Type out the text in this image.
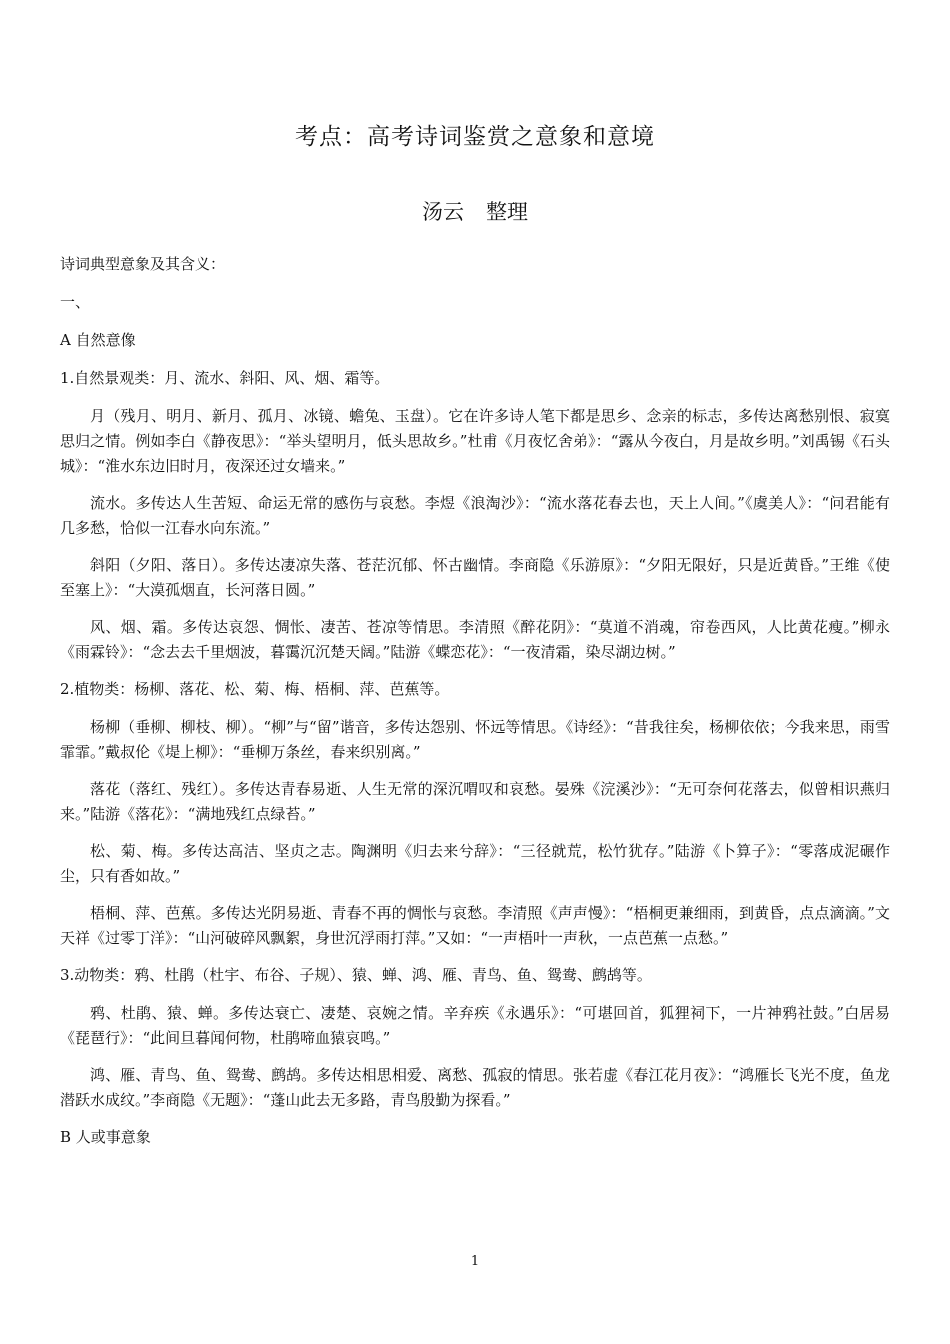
考点：高考诗词鉴赏之意象和意境
汤云 整理

诗词典型意象及其含义：

一、

A 自然意像

1.自然景观类：月、流水、斜阳、风、烟、霜等。

月（残月、明月、新月、孤月、冰镜、蟾兔、玉盘）。它在许多诗人笔下都是思乡、念亲的标志，多传达离愁别恨、寂寞思归之情。例如李白《静夜思》：“举头望明月，低头思故乡。”杜甫《月夜忆舍弟》：“露从今夜白，月是故乡明。”刘禹锡《石头城》：“淮水东边旧时月，夜深还过女墙来。”

流水。多传达人生苦短、命运无常的感伤与哀愁。李煜《浪淘沙》：“流水落花春去也，天上人间。”《虞美人》：“问君能有几多愁，恰似一江春水向东流。”

斜阳（夕阳、落日）。多传达凄凉失落、苍茫沉郁、怀古幽情。李商隐《乐游原》：“夕阳无限好，只是近黄昏。”王维《使至塞上》：“大漠孤烟直，长河落日圆。”

风、烟、霜。多传达哀怨、惆怅、凄苦、苍凉等情思。李清照《醉花阴》：“莫道不消魂，帘卷西风，人比黄花瘦。”柳永《雨霖铃》：“念去去千里烟波，暮霭沉沉楚天阔。”陆游《蝶恋花》：“一夜清霜，染尽湖边树。”

2.植物类：杨柳、落花、松、菊、梅、梧桐、萍、芭蕉等。

杨柳（垂柳、柳枝、柳）。“柳”与“留”谐音，多传达怨别、怀远等情思。《诗经》：“昔我往矣，杨柳依依；今我来思，雨雪霏霏。”戴叔伦《堤上柳》：“垂柳万条丝，春来织别离。”

落花（落红、残红）。多传达青春易逝、人生无常的深沉喟叹和哀愁。晏殊《浣溪沙》：“无可奈何花落去，似曾相识燕归来。”陆游《落花》：“满地残红点绿苔。”

松、菊、梅。多传达高洁、坚贞之志。陶渊明《归去来兮辞》：“三径就荒，松竹犹存。”陆游《卜算子》：“零落成泥碾作尘，只有香如故。”

梧桐、萍、芭蕉。多传达光阴易逝、青春不再的惆怅与哀愁。李清照《声声慢》：“梧桐更兼细雨，到黄昏，点点滴滴。”文天祥《过零丁洋》：“山河破碎风飘絮，身世沉浮雨打萍。”又如：“一声梧叶一声秋，一点芭蕉一点愁。”

3.动物类：鸦、杜鹃（杜宇、布谷、子规）、猿、蝉、鸿、雁、青鸟、鱼、鸳鸯、鹧鸪等。

鸦、杜鹃、猿、蝉。多传达衰亡、凄楚、哀婉之情。辛弃疾《永遇乐》：“可堪回首，狐狸祠下，一片神鸦社鼓。”白居易《琵琶行》：“此间旦暮闻何物，杜鹃啼血猿哀鸣。”

鸿、雁、青鸟、鱼、鸳鸯、鹧鸪。多传达相思相爱、离愁、孤寂的情思。张若虚《春江花月夜》：“鸿雁长飞光不度，鱼龙潜跃水成纹。”李商隐《无题》：“蓬山此去无多路，青鸟殷勤为探看。”

B 人或事意象

1
